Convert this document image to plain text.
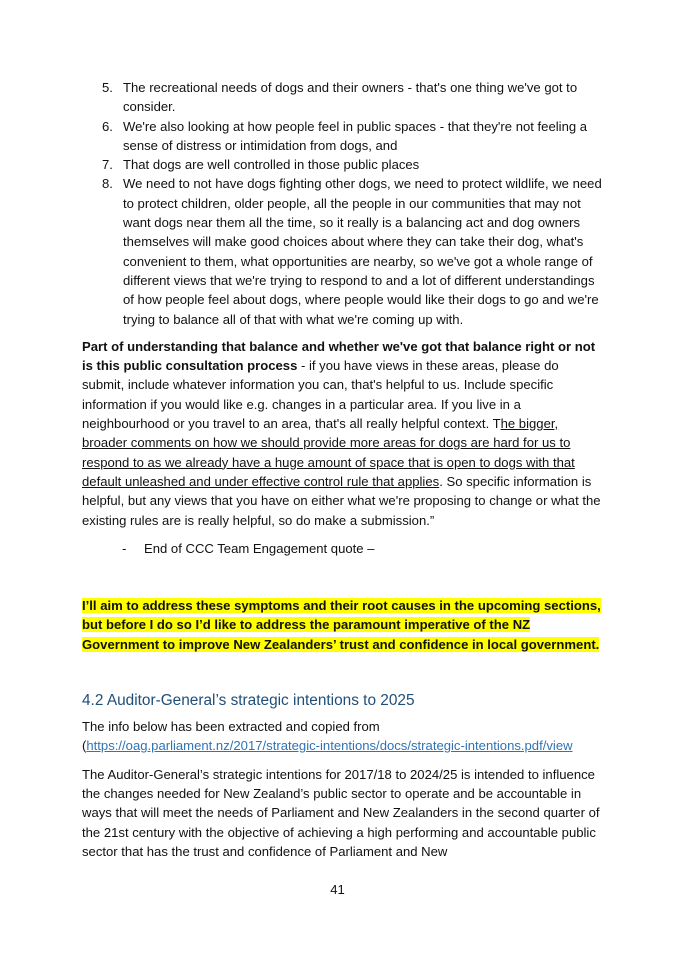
5. The recreational needs of dogs and their owners - that's one thing we've got to consider.
6. We're also looking at how people feel in public spaces - that they're not feeling a sense of distress or intimidation from dogs, and
7. That dogs are well controlled in those public places
8. We need to not have dogs fighting other dogs, we need to protect wildlife, we need to protect children, older people, all the people in our communities that may not want dogs near them all the time, so it really is a balancing act and dog owners themselves will make good choices about where they can take their dog, what's convenient to them, what opportunities are nearby, so we've got a whole range of different views that we're trying to respond to and a lot of different understandings of how people feel about dogs, where people would like their dogs to go and we're trying to balance all of that with what we're coming up with.

Part of understanding that balance and whether we've got that balance right or not is this public consultation process - if you have views in these areas, please do submit, include whatever information you can, that's helpful to us. Include specific information if you would like e.g. changes in a particular area. If you live in a neighbourhood or you travel to an area, that's all really helpful context. The bigger, broader comments on how we should provide more areas for dogs are hard for us to respond to as we already have a huge amount of space that is open to dogs with that default unleashed and under effective control rule that applies. So specific information is helpful, but any views that you have on either what we're proposing to change or what the existing rules are is really helpful, so do make a submission.”

- End of CCC Team Engagement quote –

I’ll aim to address these symptoms and their root causes in the upcoming sections, but before I do so I’d like to address the paramount imperative of the NZ Government to improve New Zealanders’ trust and confidence in local government.

4.2 Auditor-General’s strategic intentions to 2025

The info below has been extracted and copied from
(https://oag.parliament.nz/2017/strategic-intentions/docs/strategic-intentions.pdf/view

The Auditor-General’s strategic intentions for 2017/18 to 2024/25 is intended to influence the changes needed for New Zealand’s public sector to operate and be accountable in ways that will meet the needs of Parliament and New Zealanders in the second quarter of the 21st century with the objective of achieving a high performing and accountable public sector that has the trust and confidence of Parliament and New

41
